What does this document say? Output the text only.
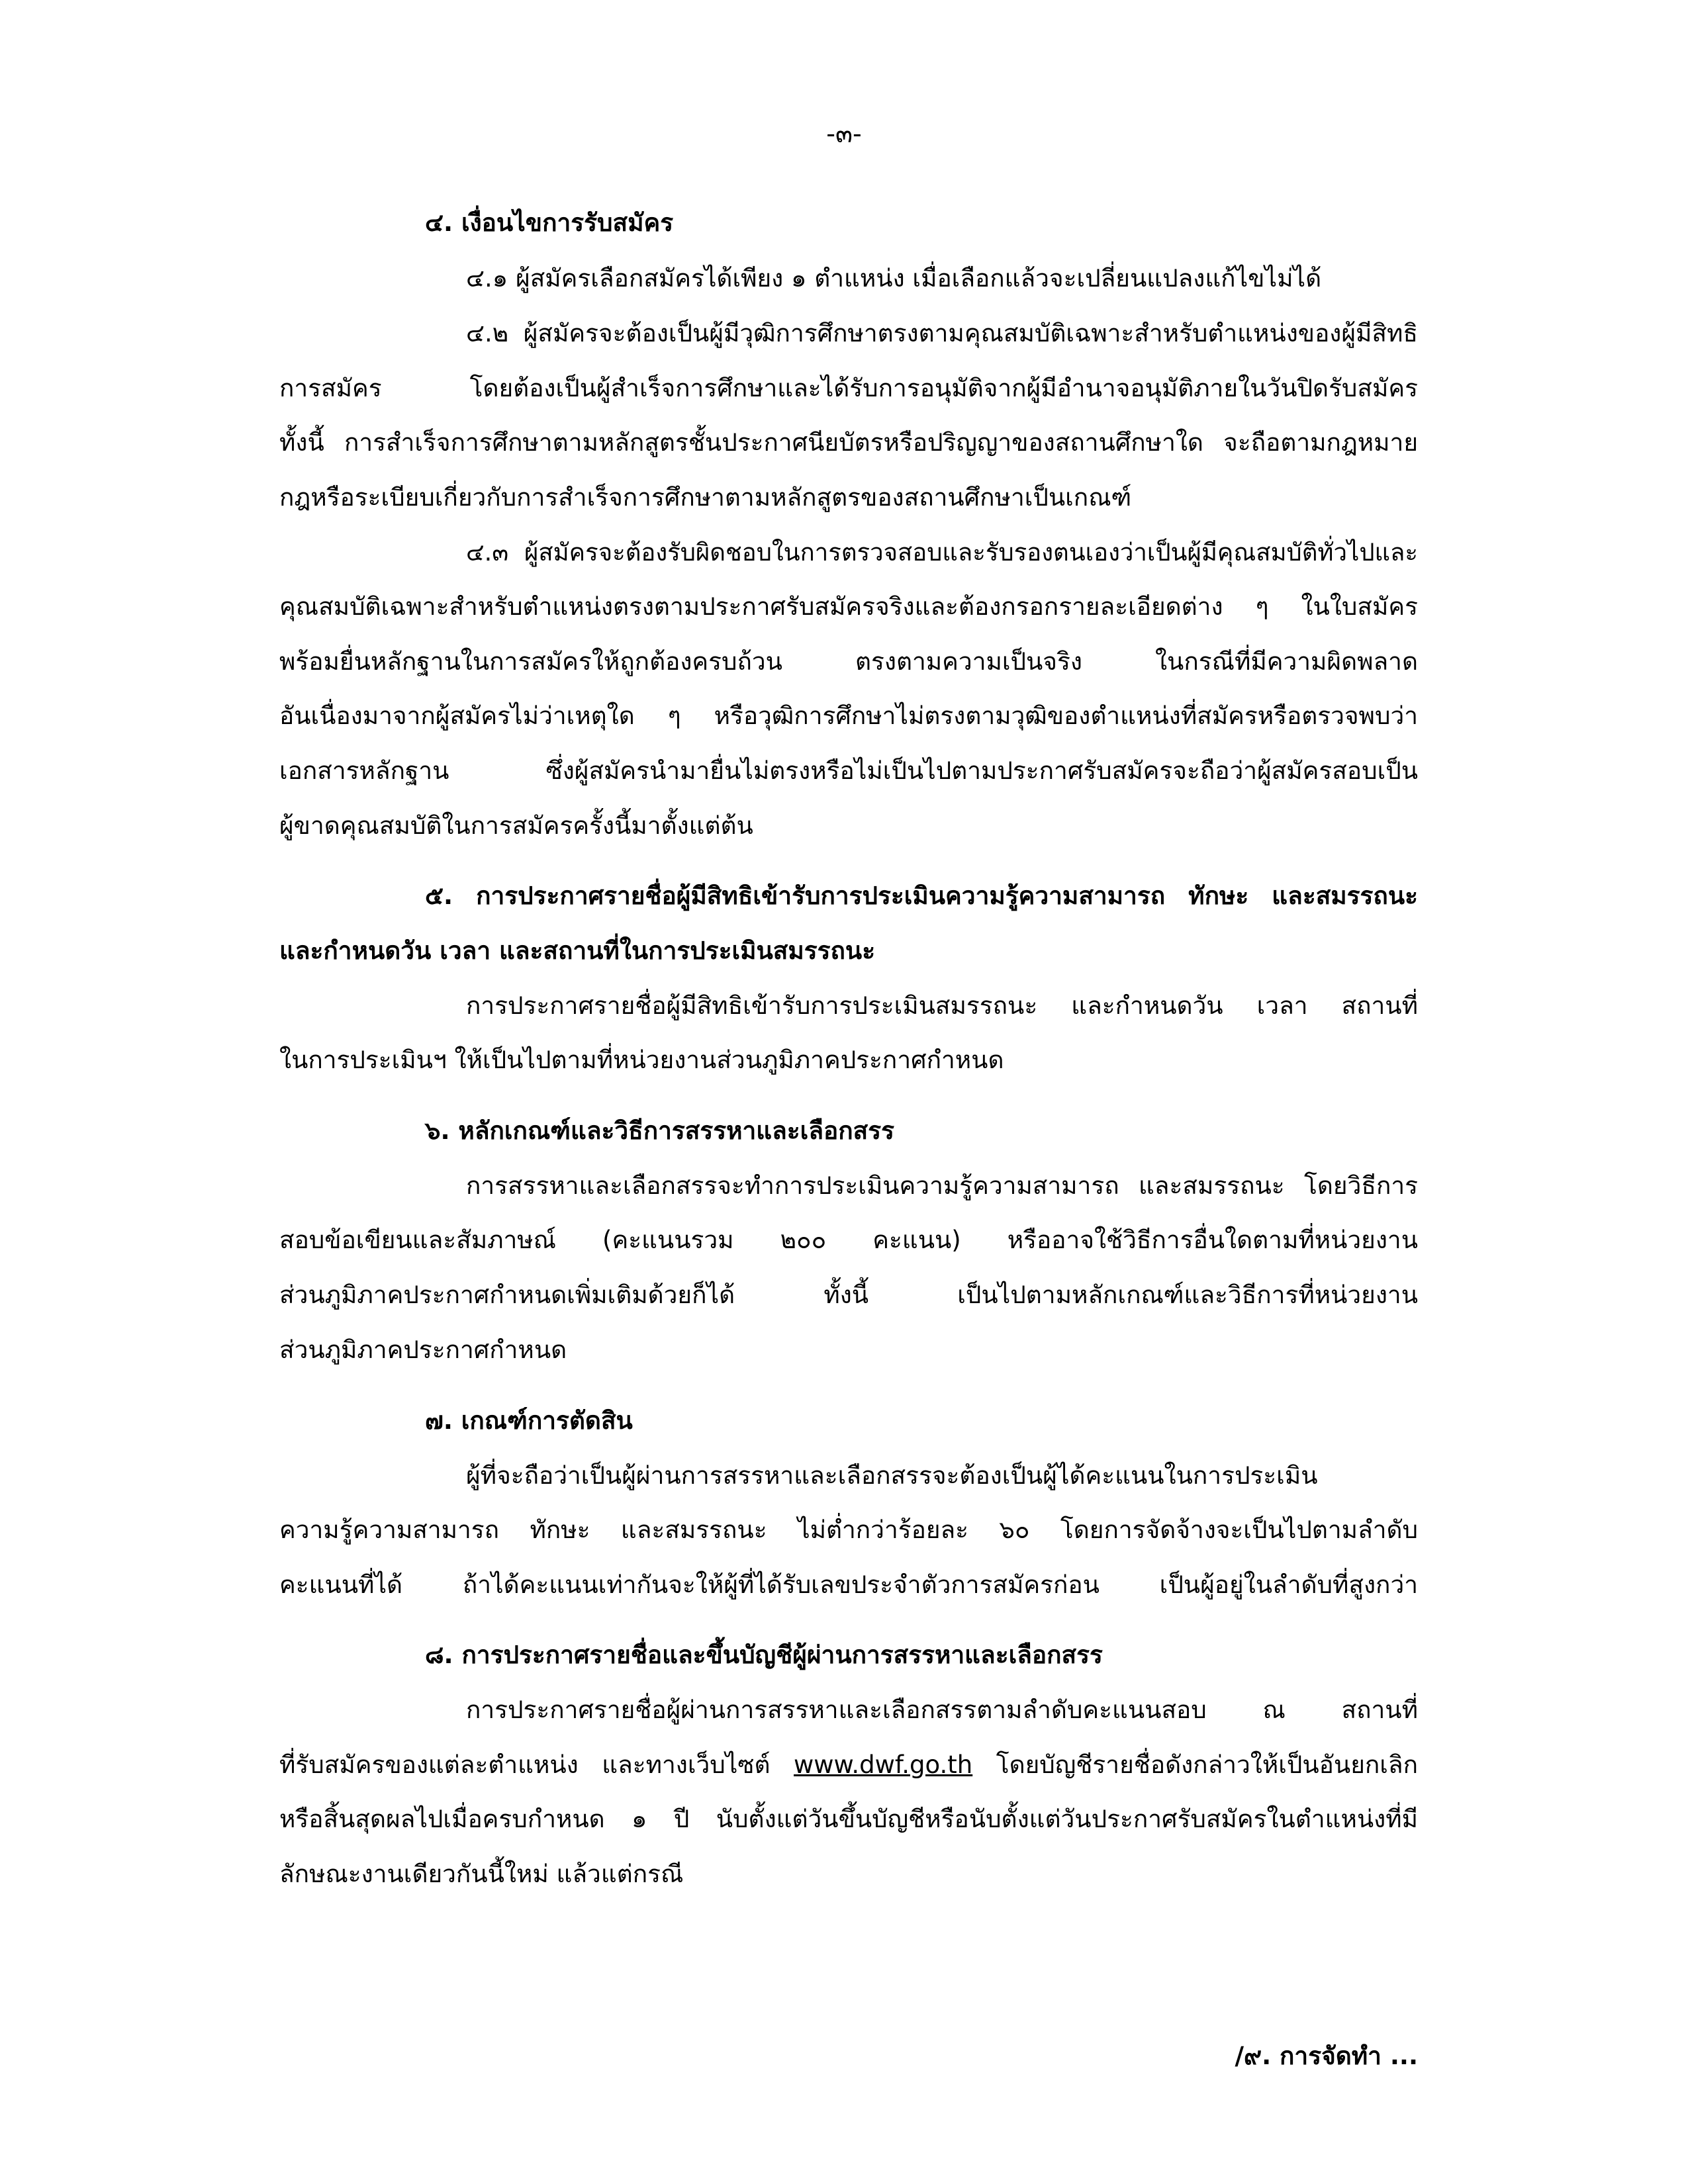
-๓-
๔. เงื่อนไขการรับสมัคร
๔.๑ ผู้สมัครเลือกสมัครได้เพียง ๑ ตำแหน่ง เมื่อเลือกแล้วจะเปลี่ยนแปลงแก้ไขไม่ได้
๔.๒ ผู้สมัครจะต้องเป็นผู้มีวุฒิการศึกษาตรงตามคุณสมบัติเฉพาะสำหรับตำแหน่งของผู้มีสิทธิ
การสมัคร โดยต้องเป็นผู้สำเร็จการศึกษาและได้รับการอนุมัติจากผู้มีอำนาจอนุมัติภายในวันปิดรับสมัคร
ทั้งนี้ การสำเร็จการศึกษาตามหลักสูตรชั้นประกาศนียบัตรหรือปริญญาของสถานศึกษาใด จะถือตามกฎหมาย
กฎหรือระเบียบเกี่ยวกับการสำเร็จการศึกษาตามหลักสูตรของสถานศึกษาเป็นเกณฑ์
๔.๓ ผู้สมัครจะต้องรับผิดชอบในการตรวจสอบและรับรองตนเองว่าเป็นผู้มีคุณสมบัติทั่วไปและ
คุณสมบัติเฉพาะสำหรับตำแหน่งตรงตามประกาศรับสมัครจริงและต้องกรอกรายละเอียดต่าง ๆ ในใบสมัคร
พร้อมยื่นหลักฐานในการสมัครให้ถูกต้องครบถ้วน ตรงตามความเป็นจริง ในกรณีที่มีความผิดพลาด
อันเนื่องมาจากผู้สมัครไม่ว่าเหตุใด ๆ หรือวุฒิการศึกษาไม่ตรงตามวุฒิของตำแหน่งที่สมัครหรือตรวจพบว่า
เอกสารหลักฐาน ซึ่งผู้สมัครนำมายื่นไม่ตรงหรือไม่เป็นไปตามประกาศรับสมัครจะถือว่าผู้สมัครสอบเป็น
ผู้ขาดคุณสมบัติในการสมัครครั้งนี้มาตั้งแต่ต้น
๕. การประกาศรายชื่อผู้มีสิทธิเข้ารับการประเมินความรู้ความสามารถ ทักษะ และสมรรถนะ
และกำหนดวัน เวลา และสถานที่ในการประเมินสมรรถนะ
การประกาศรายชื่อผู้มีสิทธิเข้ารับการประเมินสมรรถนะ และกำหนดวัน เวลา สถานที่
ในการประเมินฯ ให้เป็นไปตามที่หน่วยงานส่วนภูมิภาคประกาศกำหนด
๖. หลักเกณฑ์และวิธีการสรรหาและเลือกสรร
การสรรหาและเลือกสรรจะทำการประเมินความรู้ความสามารถ และสมรรถนะ โดยวิธีการ
สอบข้อเขียนและสัมภาษณ์ (คะแนนรวม ๒๐๐ คะแนน) หรืออาจใช้วิธีการอื่นใดตามที่หน่วยงาน
ส่วนภูมิภาคประกาศกำหนดเพิ่มเติมด้วยก็ได้ ทั้งนี้ เป็นไปตามหลักเกณฑ์และวิธีการที่หน่วยงาน
ส่วนภูมิภาคประกาศกำหนด
๗. เกณฑ์การตัดสิน
ผู้ที่จะถือว่าเป็นผู้ผ่านการสรรหาและเลือกสรรจะต้องเป็นผู้ได้คะแนนในการประเมิน
ความรู้ความสามารถ ทักษะ และสมรรถนะ ไม่ต่ำกว่าร้อยละ ๖๐ โดยการจัดจ้างจะเป็นไปตามลำดับ
คะแนนที่ได้ ถ้าได้คะแนนเท่ากันจะให้ผู้ที่ได้รับเลขประจำตัวการสมัครก่อน เป็นผู้อยู่ในลำดับที่สูงกว่า
๘. การประกาศรายชื่อและขึ้นบัญชีผู้ผ่านการสรรหาและเลือกสรร
การประกาศรายชื่อผู้ผ่านการสรรหาและเลือกสรรตามลำดับคะแนนสอบ ณ สถานที่
ที่รับสมัครของแต่ละตำแหน่ง และทางเว็บไซต์ www.dwf.go.th โดยบัญชีรายชื่อดังกล่าวให้เป็นอันยกเลิก
หรือสิ้นสุดผลไปเมื่อครบกำหนด ๑ ปี นับตั้งแต่วันขึ้นบัญชีหรือนับตั้งแต่วันประกาศรับสมัครในตำแหน่งที่มี
ลักษณะงานเดียวกันนี้ใหม่ แล้วแต่กรณี
/๙. การจัดทำ ...
